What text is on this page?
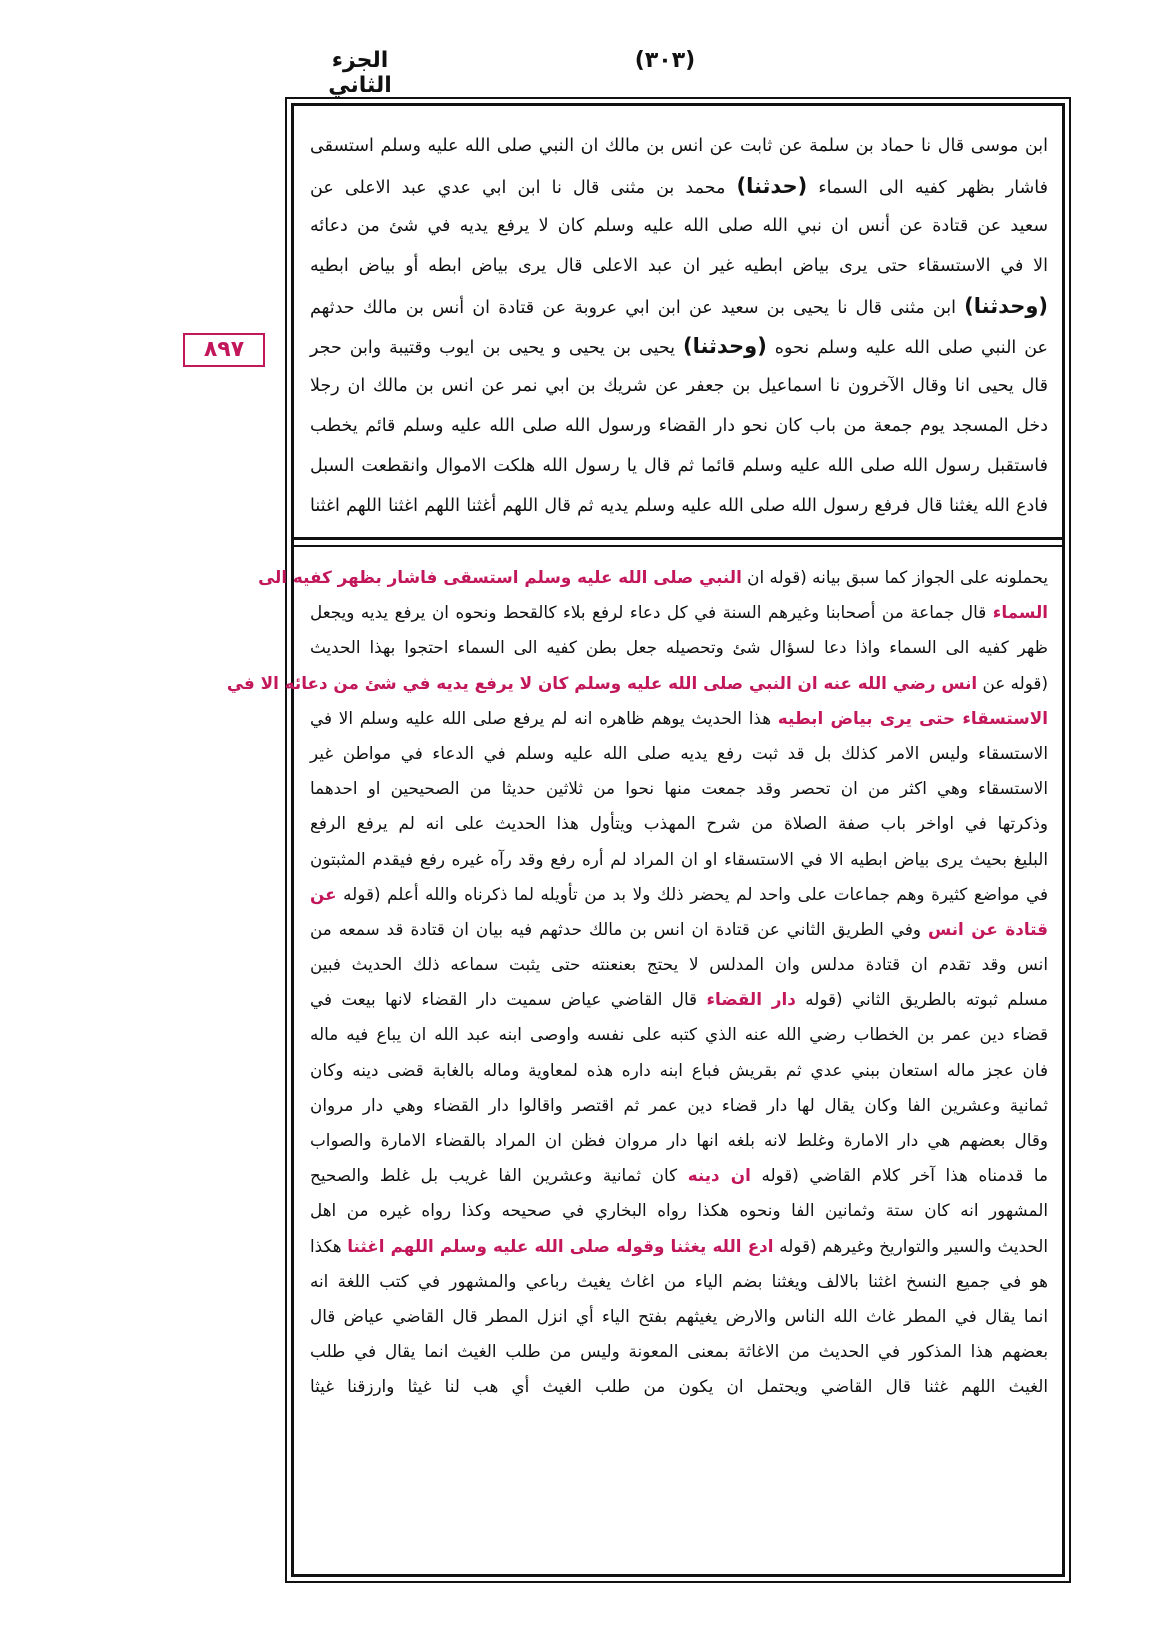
الجزء الثاني
(٣٠٣)
٨٩٧
ابن موسى قال نا حماد بن سلمة عن ثابت عن انس بن مالك ان النبي صلى الله عليه وسلم استسقى
فاشار بظهر كفيه الى السماء (حدثنا) محمد بن مثنى قال نا ابن ابي عدي عبد الاعلى عن
سعيد عن قتادة عن أنس ان نبي الله صلى الله عليه وسلم كان لا يرفع يديه في شئ من دعائه
الا في الاستسقاء حتى يرى بياض ابطيه غير ان عبد الاعلى قال يرى بياض ابطه أو بياض ابطيه
(وحدثنا) ابن مثنى قال نا يحيى بن سعيد عن ابن ابي عروبة عن قتادة ان أنس بن مالك حدثهم
عن النبي صلى الله عليه وسلم نحوه (وحدثنا) يحيى بن يحيى و يحيى بن ايوب وقتيبة وابن حجر
قال يحيى انا وقال الآخرون نا اسماعيل بن جعفر عن شريك بن ابي نمر عن انس بن مالك ان رجلا
دخل المسجد يوم جمعة من باب كان نحو دار القضاء ورسول الله صلى الله عليه وسلم قائم يخطب
فاستقبل رسول الله صلى الله عليه وسلم قائما ثم قال يا رسول الله هلكت الاموال وانقطعت السبل
فادع الله يغثنا قال فرفع رسول الله صلى الله عليه وسلم يديه ثم قال اللهم أغثنا اللهم اغثنا اللهم اغثنا
يحملونه على الجواز كما سبق بيانه (قوله ان النبي صلى الله عليه وسلم استسقى فاشار بظهر كفيه الى
السماء قال جماعة من أصحابنا وغيرهم السنة في كل دعاء لرفع بلاء كالقحط ونحوه ان يرفع يديه ويجعل
ظهر كفيه الى السماء واذا دعا لسؤال شئ وتحصيله جعل بطن كفيه الى السماء احتجوا بهذا الحديث
(قوله عن انس رضي الله عنه ان النبي صلى الله عليه وسلم كان لا يرفع يديه في شئ من دعائه الا في
الاستسقاء حتى يرى بياض ابطيه هذا الحديث يوهم ظاهره انه لم يرفع صلى الله عليه وسلم الا في
الاستسقاء وليس الامر كذلك بل قد ثبت رفع يديه صلى الله عليه وسلم في الدعاء في مواطن غير
الاستسقاء وهي اكثر من ان تحصر وقد جمعت منها نحوا من ثلاثين حديثا من الصحيحين او احدهما
وذكرتها في اواخر باب صفة الصلاة من شرح المهذب ويتأول هذا الحديث على انه لم يرفع الرفع
البليغ بحيث يرى بياض ابطيه الا في الاستسقاء او ان المراد لم أره رفع وقد رآه غيره رفع فيقدم المثبتون
في مواضع كثيرة وهم جماعات على واحد لم يحضر ذلك ولا بد من تأويله لما ذكرناه والله أعلم (قوله عن
قتادة عن انس وفي الطريق الثاني عن قتادة ان انس بن مالك حدثهم فيه بيان ان قتادة قد سمعه من
انس وقد تقدم ان قتادة مدلس وان المدلس لا يحتج بعنعنته حتى يثبت سماعه ذلك الحديث فبين
مسلم ثبوته بالطريق الثاني (قوله دار القضاء قال القاضي عياض سميت دار القضاء لانها بيعت في
قضاء دين عمر بن الخطاب رضي الله عنه الذي كتبه على نفسه واوصى ابنه عبد الله ان يباع فيه ماله
فان عجز ماله استعان ببني عدي ثم بقريش فباع ابنه داره هذه لمعاوية وماله بالغابة قضى دينه وكان
ثمانية وعشرين الفا وكان يقال لها دار قضاء دين عمر ثم اقتصر واقالوا دار القضاء وهي دار مروان
وقال بعضهم هي دار الامارة وغلط لانه بلغه انها دار مروان فظن ان المراد بالقضاء الامارة والصواب
ما قدمناه هذا آخر كلام القاضي (قوله ان دينه كان ثمانية وعشرين الفا غريب بل غلط والصحيح
المشهور انه كان ستة وثمانين الفا ونحوه هكذا رواه البخاري في صحيحه وكذا رواه غيره من اهل
الحديث والسير والتواريخ وغيرهم (قوله ادع الله يغثنا وقوله صلى الله عليه وسلم اللهم اغثنا هكذا
هو في جميع النسخ اغثنا بالالف ويغثنا بضم الياء من اغاث يغيث رباعي والمشهور في كتب اللغة انه
انما يقال في المطر غاث الله الناس والارض يغيثهم بفتح الياء أي انزل المطر قال القاضي عياض قال
بعضهم هذا المذكور في الحديث من الاغاثة بمعنى المعونة وليس من طلب الغيث انما يقال في طلب
الغيث اللهم غثنا قال القاضي ويحتمل ان يكون من طلب الغيث أي هب لنا غيثا وارزقنا غيثا
